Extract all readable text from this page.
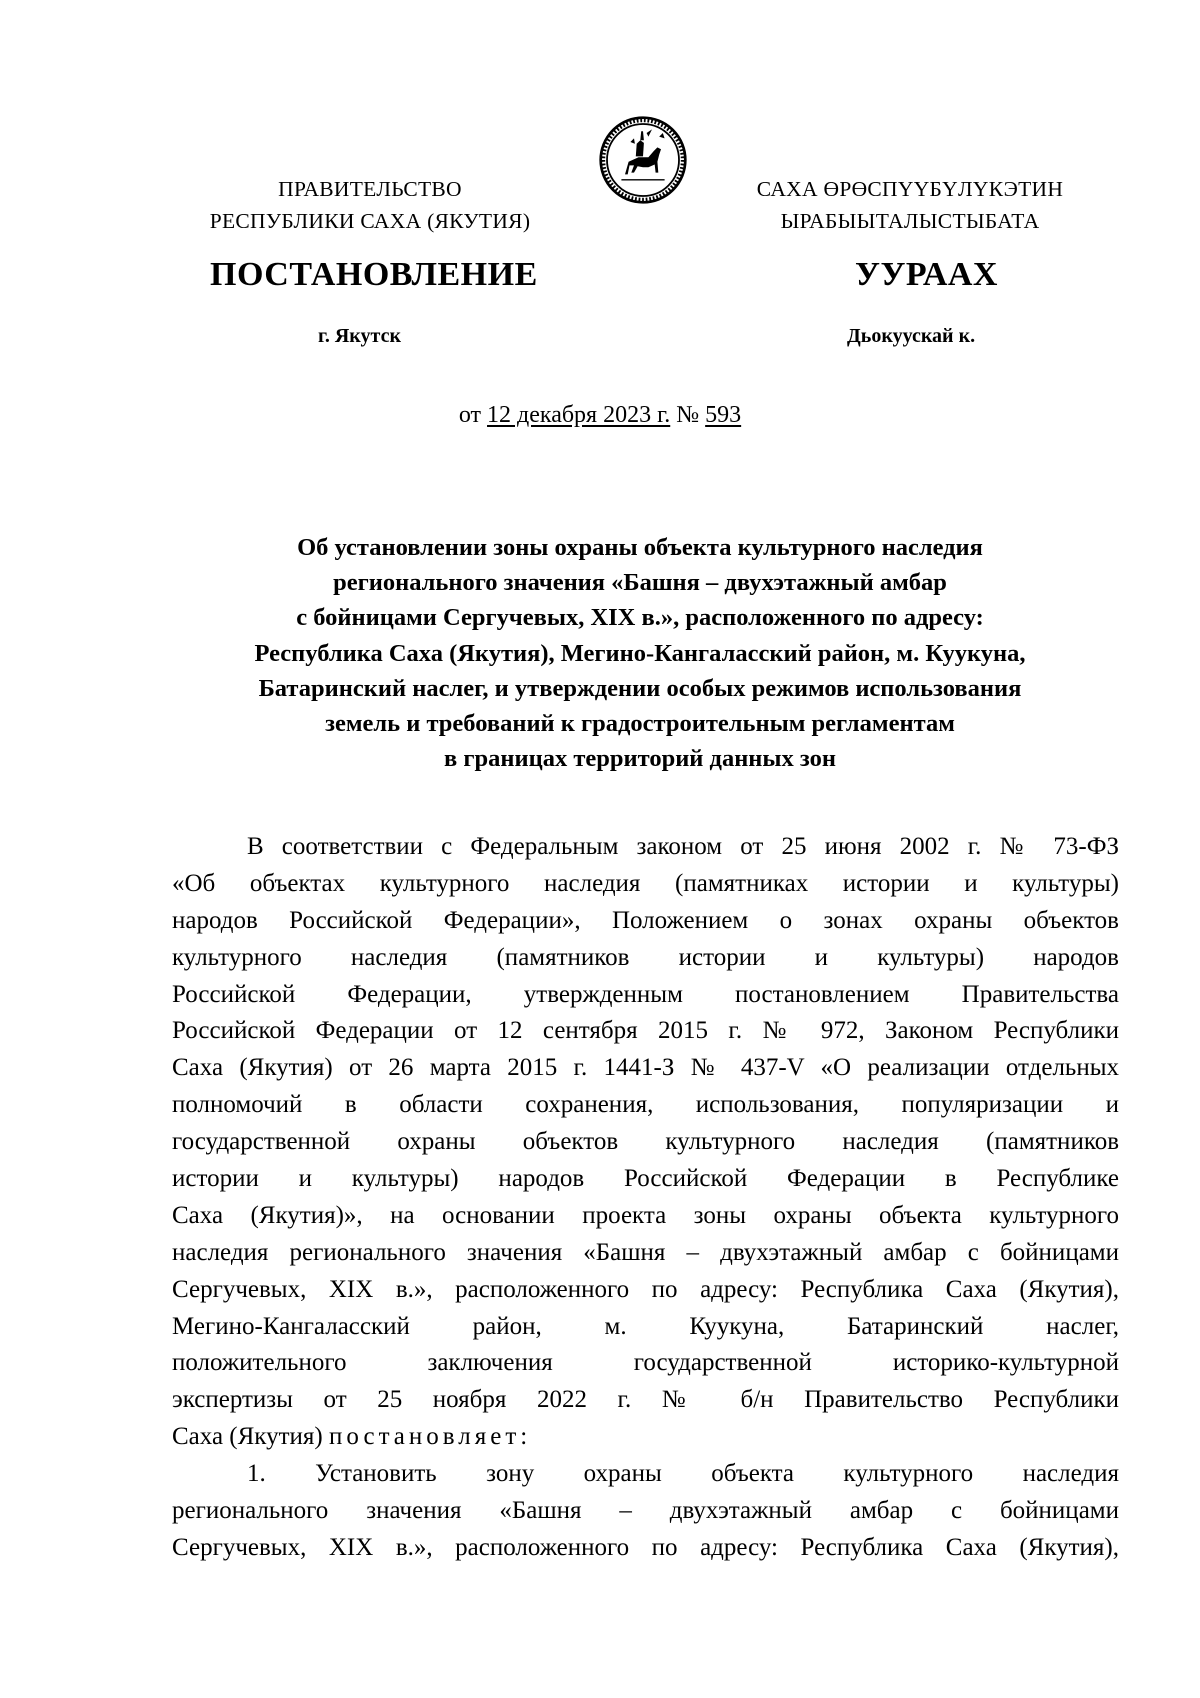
ПРАВИТЕЛЬСТВО
РЕСПУБЛИКИ САХА (ЯКУТИЯ)
САХА ӨРӨСПҮҮБҮЛҮКЭТИН
ЫРАБЫЫТАЛЫСТЫБАТА
ПОСТАНОВЛЕНИЕ	УУРААХ
г. Якутск	Дьокуускай к.
от 12 декабря 2023 г. № 593
Об установлении зоны охраны объекта культурного наследия
регионального значения «Башня – двухэтажный амбар
с бойницами Сергучевых, XIX в.», расположенного по адресу:
Республика Саха (Якутия), Мегино-Кангаласский район, м. Куукуна,
Батаринский наслег, и утверждении особых режимов использования
земель и требований к градостроительным регламентам
в границах территорий данных зон
В соответствии с Федеральным законом от 25 июня 2002 г. № 73-ФЗ
«Об объектах культурного наследия (памятниках истории и культуры)
народов Российской Федерации», Положением о зонах охраны объектов
культурного наследия (памятников истории и культуры) народов
Российской Федерации, утвержденным постановлением Правительства
Российской Федерации от 12 сентября 2015 г. № 972, Законом Республики
Саха (Якутия) от 26 марта 2015 г. 1441-З № 437-V «О реализации отдельных
полномочий в области сохранения, использования, популяризации и
государственной охраны объектов культурного наследия (памятников
истории и культуры) народов Российской Федерации в Республике
Саха (Якутия)», на основании проекта зоны охраны объекта культурного
наследия регионального значения «Башня – двухэтажный амбар с бойницами
Сергучевых, XIX в.», расположенного по адресу: Республика Саха (Якутия),
Мегино-Кангаласский район, м. Куукуна, Батаринский наслег,
положительного заключения государственной историко-культурной
экспертизы от 25 ноября 2022 г. № б/н Правительство Республики
Саха (Якутия) постановляет:
1. Установить зону охраны объекта культурного наследия
регионального значения «Башня – двухэтажный амбар с бойницами
Сергучевых, XIX в.», расположенного по адресу: Республика Саха (Якутия),
